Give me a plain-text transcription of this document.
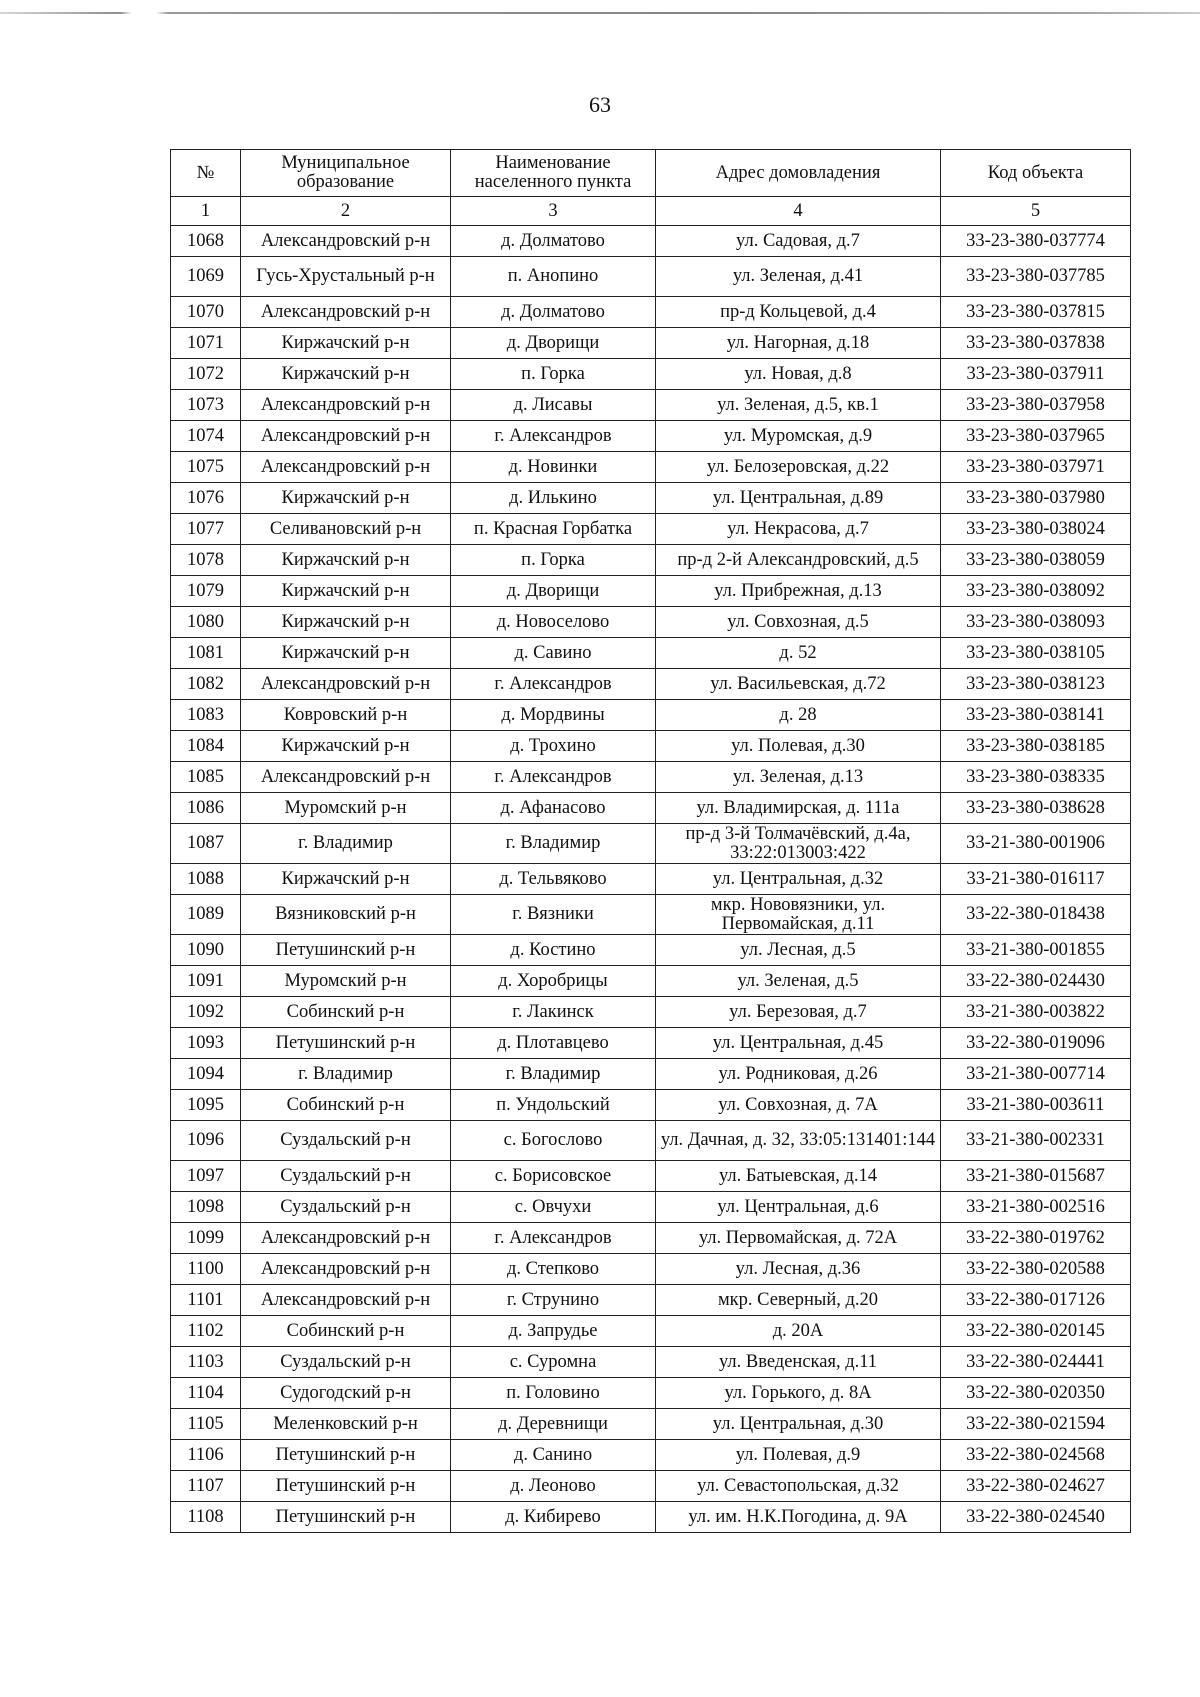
63
№	Муниципальное образование	Наименование населенного пункта	Адрес домовладения	Код объекта
1	2	3	4	5
1068	Александровский р-н	д. Долматово	ул. Садовая, д.7	33-23-380-037774
1069	Гусь-Хрустальный р-н	п. Анопино	ул. Зеленая, д.41	33-23-380-037785
1070	Александровский р-н	д. Долматово	пр-д Кольцевой, д.4	33-23-380-037815
1071	Киржачский р-н	д. Дворищи	ул. Нагорная, д.18	33-23-380-037838
1072	Киржачский р-н	п. Горка	ул. Новая, д.8	33-23-380-037911
1073	Александровский р-н	д. Лисавы	ул. Зеленая, д.5, кв.1	33-23-380-037958
1074	Александровский р-н	г. Александров	ул. Муромская, д.9	33-23-380-037965
1075	Александровский р-н	д. Новинки	ул. Белозеровская, д.22	33-23-380-037971
1076	Киржачский р-н	д. Илькино	ул. Центральная, д.89	33-23-380-037980
1077	Селивановский р-н	п. Красная Горбатка	ул. Некрасова, д.7	33-23-380-038024
1078	Киржачский р-н	п. Горка	пр-д 2-й Александровский, д.5	33-23-380-038059
1079	Киржачский р-н	д. Дворищи	ул. Прибрежная, д.13	33-23-380-038092
1080	Киржачский р-н	д. Новоселово	ул. Совхозная, д.5	33-23-380-038093
1081	Киржачский р-н	д. Савино	д. 52	33-23-380-038105
1082	Александровский р-н	г. Александров	ул. Васильевская, д.72	33-23-380-038123
1083	Ковровский р-н	д. Мордвины	д. 28	33-23-380-038141
1084	Киржачский р-н	д. Трохино	ул. Полевая, д.30	33-23-380-038185
1085	Александровский р-н	г. Александров	ул. Зеленая, д.13	33-23-380-038335
1086	Муромский р-н	д. Афанасово	ул. Владимирская, д. 111а	33-23-380-038628
1087	г. Владимир	г. Владимир	пр-д 3-й Толмачёвский, д.4а, 33:22:013003:422	33-21-380-001906
1088	Киржачский р-н	д. Тельвяково	ул. Центральная, д.32	33-21-380-016117
1089	Вязниковский р-н	г. Вязники	мкр. Нововязники, ул. Первомайская, д.11	33-22-380-018438
1090	Петушинский р-н	д. Костино	ул. Лесная, д.5	33-21-380-001855
1091	Муромский р-н	д. Хоробрицы	ул. Зеленая, д.5	33-22-380-024430
1092	Собинский р-н	г. Лакинск	ул. Березовая, д.7	33-21-380-003822
1093	Петушинский р-н	д. Плотавцево	ул. Центральная, д.45	33-22-380-019096
1094	г. Владимир	г. Владимир	ул. Родниковая, д.26	33-21-380-007714
1095	Собинский р-н	п. Ундольский	ул. Совхозная, д. 7А	33-21-380-003611
1096	Суздальский р-н	с. Богослово	ул. Дачная, д. 32, 33:05:131401:144	33-21-380-002331
1097	Суздальский р-н	с. Борисовское	ул. Батыевская, д.14	33-21-380-015687
1098	Суздальский р-н	с. Овчухи	ул. Центральная, д.6	33-21-380-002516
1099	Александровский р-н	г. Александров	ул. Первомайская, д. 72А	33-22-380-019762
1100	Александровский р-н	д. Степково	ул. Лесная, д.36	33-22-380-020588
1101	Александровский р-н	г. Струнино	мкр. Северный, д.20	33-22-380-017126
1102	Собинский р-н	д. Запрудье	д. 20А	33-22-380-020145
1103	Суздальский р-н	с. Суромна	ул. Введенская, д.11	33-22-380-024441
1104	Судогодский р-н	п. Головино	ул. Горького, д. 8А	33-22-380-020350
1105	Меленковский р-н	д. Деревнищи	ул. Центральная, д.30	33-22-380-021594
1106	Петушинский р-н	д. Санино	ул. Полевая, д.9	33-22-380-024568
1107	Петушинский р-н	д. Леоново	ул. Севастопольская, д.32	33-22-380-024627
1108	Петушинский р-н	д. Кибирево	ул. им. Н.К.Погодина, д. 9А	33-22-380-024540
